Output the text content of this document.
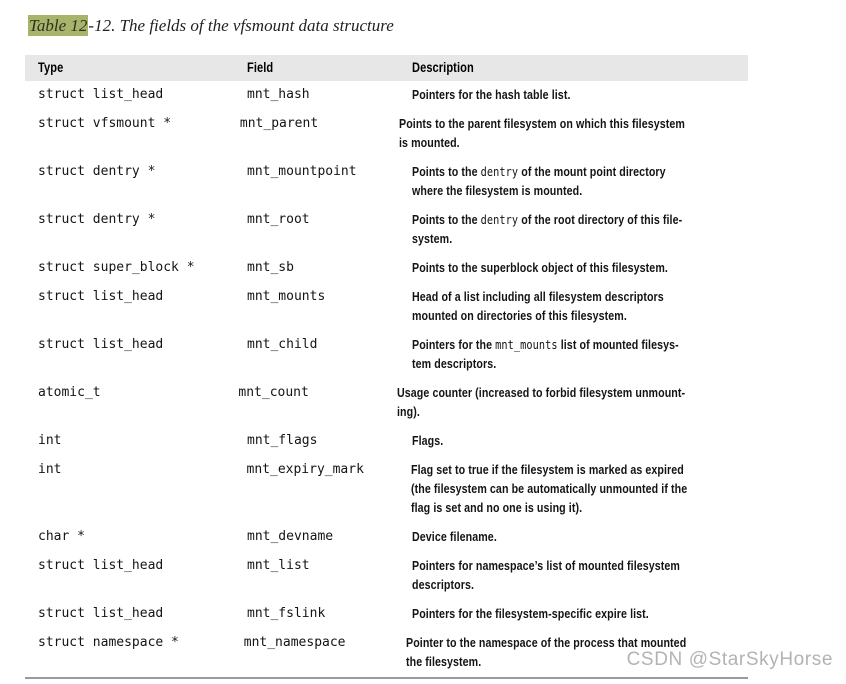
Table 12-12. The fields of the vfsmount data structure
Type	Field	Description
struct list_head	mnt_hash	Pointers for the hash table list.
struct vfsmount *	mnt_parent	Points to the parent filesystem on which this filesystem
is mounted.
struct dentry *	mnt_mountpoint	Points to the dentry of the mount point directory
where the filesystem is mounted.
struct dentry *	mnt_root	Points to the dentry of the root directory of this file-
system.
struct super_block *	mnt_sb	Points to the superblock object of this filesystem.
struct list_head	mnt_mounts	Head of a list including all filesystem descriptors
mounted on directories of this filesystem.
struct list_head	mnt_child	Pointers for the mnt_mounts list of mounted filesys-
tem descriptors.
atomic_t	mnt_count	Usage counter (increased to forbid filesystem unmount-
ing).
int	mnt_flags	Flags.
int	mnt_expiry_mark	Flag set to true if the filesystem is marked as expired
(the filesystem can be automatically unmounted if the
flag is set and no one is using it).
char *	mnt_devname	Device filename.
struct list_head	mnt_list	Pointers for namespace’s list of mounted filesystem
descriptors.
struct list_head	mnt_fslink	Pointers for the filesystem-specific expire list.
struct namespace *	mnt_namespace	Pointer to the namespace of the process that mounted
the filesystem.	CSDN @StarSkyHorse
